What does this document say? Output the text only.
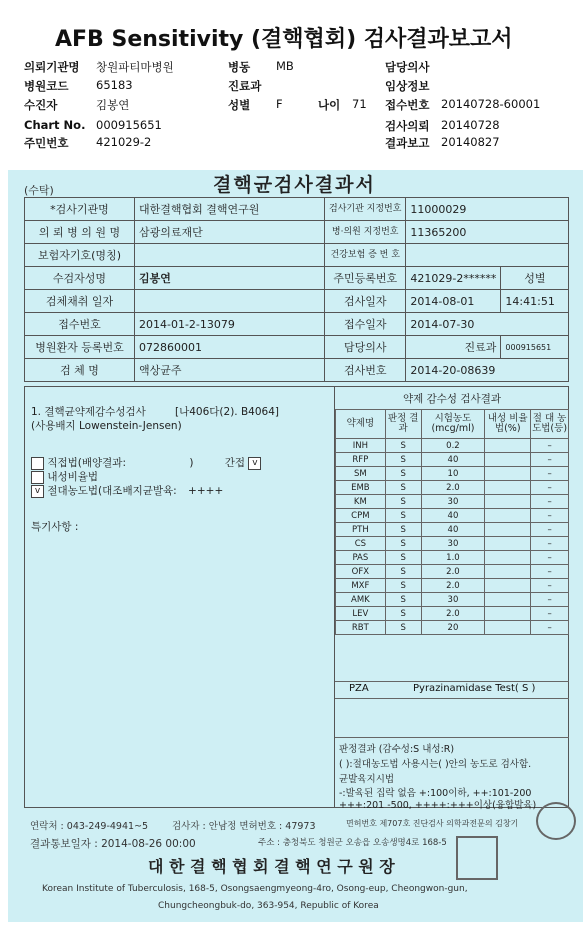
AFB Sensitivity (결핵협회) 검사결과보고서
의뢰기관명 창원파티마병원	병동 MB	담당의사
병원코드 65183	진료과	임상정보
수진자	김봉연	성별 F	나이 71 접수번호 20140728-60001
Chart No. 000915651	검사의뢰 20140728
주민번호 421029-2	결과보고 20140827
(수탁)	결핵균검사결과서
*검사기관명	대한결핵협회 결핵연구원	검사기관 지정번호	11000029	
의 뢰 병 의 원 명	삼광의료재단	병·의원 지정번호	11365200	
보험자기호(명칭)		건강보험 증 번 호		
수검자성명	김봉연	주민등록번호	421029-2******	성별
검체채취 일자		검사일자	2014-08-01	14:41:51
접수번호	2014-01-2-13079	접수일자	2014-07-30	
병원환자 등록번호	072860001	담당의사	진료과	000915651
검 체 명	액상균주	검사번호	2014-20-08639	
1. 결핵균약제감수성검사	[나406다(2). B4064]
(사용배지 Lowenstein-Jensen)
직접법(배양결과:	)	간접 v
내성비율법
v 절대농도법(대조배지균발육: ++++
특기사항 :
약제 감수성 검사결과
약제명	판정 결과	시험농도 (mcg/ml)	내성 비율법(%)	절 대 농도법(등)
INH	S	0.2		–
RFP	S	40		–
SM	S	10		–
EMB	S	2.0		–
KM	S	30		–
CPM	S	40		–
PTH	S	40		–
CS	S	30		–
PAS	S	1.0		–
OFX	S	2.0		–
MXF	S	2.0		–
AMK	S	30		–
LEV	S	2.0		–
RBT	S	20		–
PZA	Pyrazinamidase Test( S )
판정결과 (감수성:S 내성:R)
( ):절대농도법 사용시는( )안의 농도로 검사함.
균발육지시법
-:발육된 집락 없음 +:100이하, ++:101-200
+++:201 -500, ++++:+++이상(융합발육)
연락처 : 043-249-4941~5	검사자 : 안남정 면허번호 : 47973	면허번호 제707호 진단검사 의학과전문의 김창기
결과통보일자 : 2014-08-26 00:00	주소 : 충청북도 청원군 오송읍 오송생명4로 168-5
대 한 결 핵 협 회 결 핵 연 구 원 장
Korean Institute of Tuberculosis, 168-5, Osongsaengmyeong-4ro, Osong-eup, Cheongwon-gun,
Chungcheongbuk-do, 363-954, Republic of Korea
